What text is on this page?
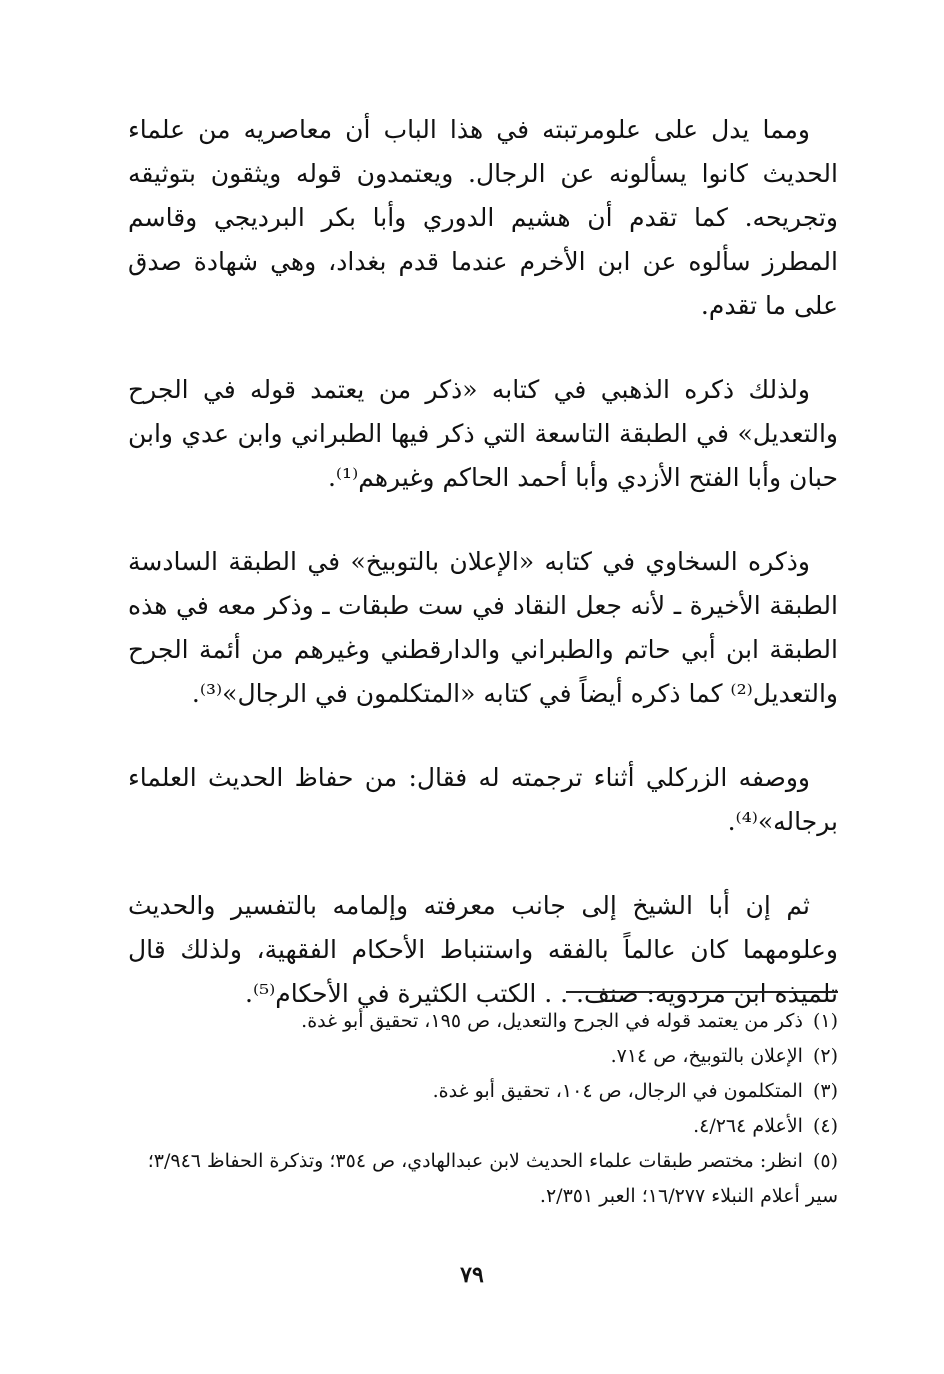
ومما يدل على علومرتبته في هذا الباب أن معاصريه من علماء الحديث كانوا يسألونه عن الرجال. ويعتمدون قوله ويثقون بتوثيقه وتجريحه. كما تقدم أن هشيم الدوري وأبا بكر البرديجي وقاسم المطرز سألوه عن ابن الأخرم عندما قدم بغداد، وهي شهادة صدق على ما تقدم.

ولذلك ذكره الذهبي في كتابه «ذكر من يعتمد قوله في الجرح والتعديل» في الطبقة التاسعة التي ذكر فيها الطبراني وابن عدي وابن حبان وأبا الفتح الأزدي وأبا أحمد الحاكم وغيرهم⁽¹⁾.

وذكره السخاوي في كتابه «الإعلان بالتوبيخ» في الطبقة السادسة الطبقة الأخيرة ـ لأنه جعل النقاد في ست طبقات ـ وذكر معه في هذه الطبقة ابن أبي حاتم والطبراني والدارقطني وغيرهم من أئمة الجرح والتعديل⁽²⁾ كما ذكره أيضاً في كتابه «المتكلمون في الرجال»⁽³⁾.

ووصفه الزركلي أثناء ترجمته له فقال: من حفاظ الحديث العلماء برجاله»⁽⁴⁾.

ثم إن أبا الشيخ إلى جانب معرفته وإلمامه بالتفسير والحديث وعلومهما كان عالماً بالفقه واستنباط الأحكام الفقهية، ولذلك قال تلميذه ابن مردويه: صنف. . . الكتب الكثيرة في الأحكام⁽⁵⁾.

(١)ذكر من يعتمد قوله في الجرح والتعديل، ص ١٩٥، تحقيق أبو غدة.

(٢)الإعلان بالتوبيخ، ص ٧١٤.

(٣)المتكلمون في الرجال، ص ١٠٤، تحقيق أبو غدة.

(٤)الأعلام ٤/٢٦٤.

(٥)انظر: مختصر طبقات علماء الحديث لابن عبدالهادي، ص ٣٥٤؛ وتذكرة الحفاظ ٣/٩٤٦؛ سير أعلام النبلاء ١٦/٢٧٧؛ العبر ٢/٣٥١.

٧٩
